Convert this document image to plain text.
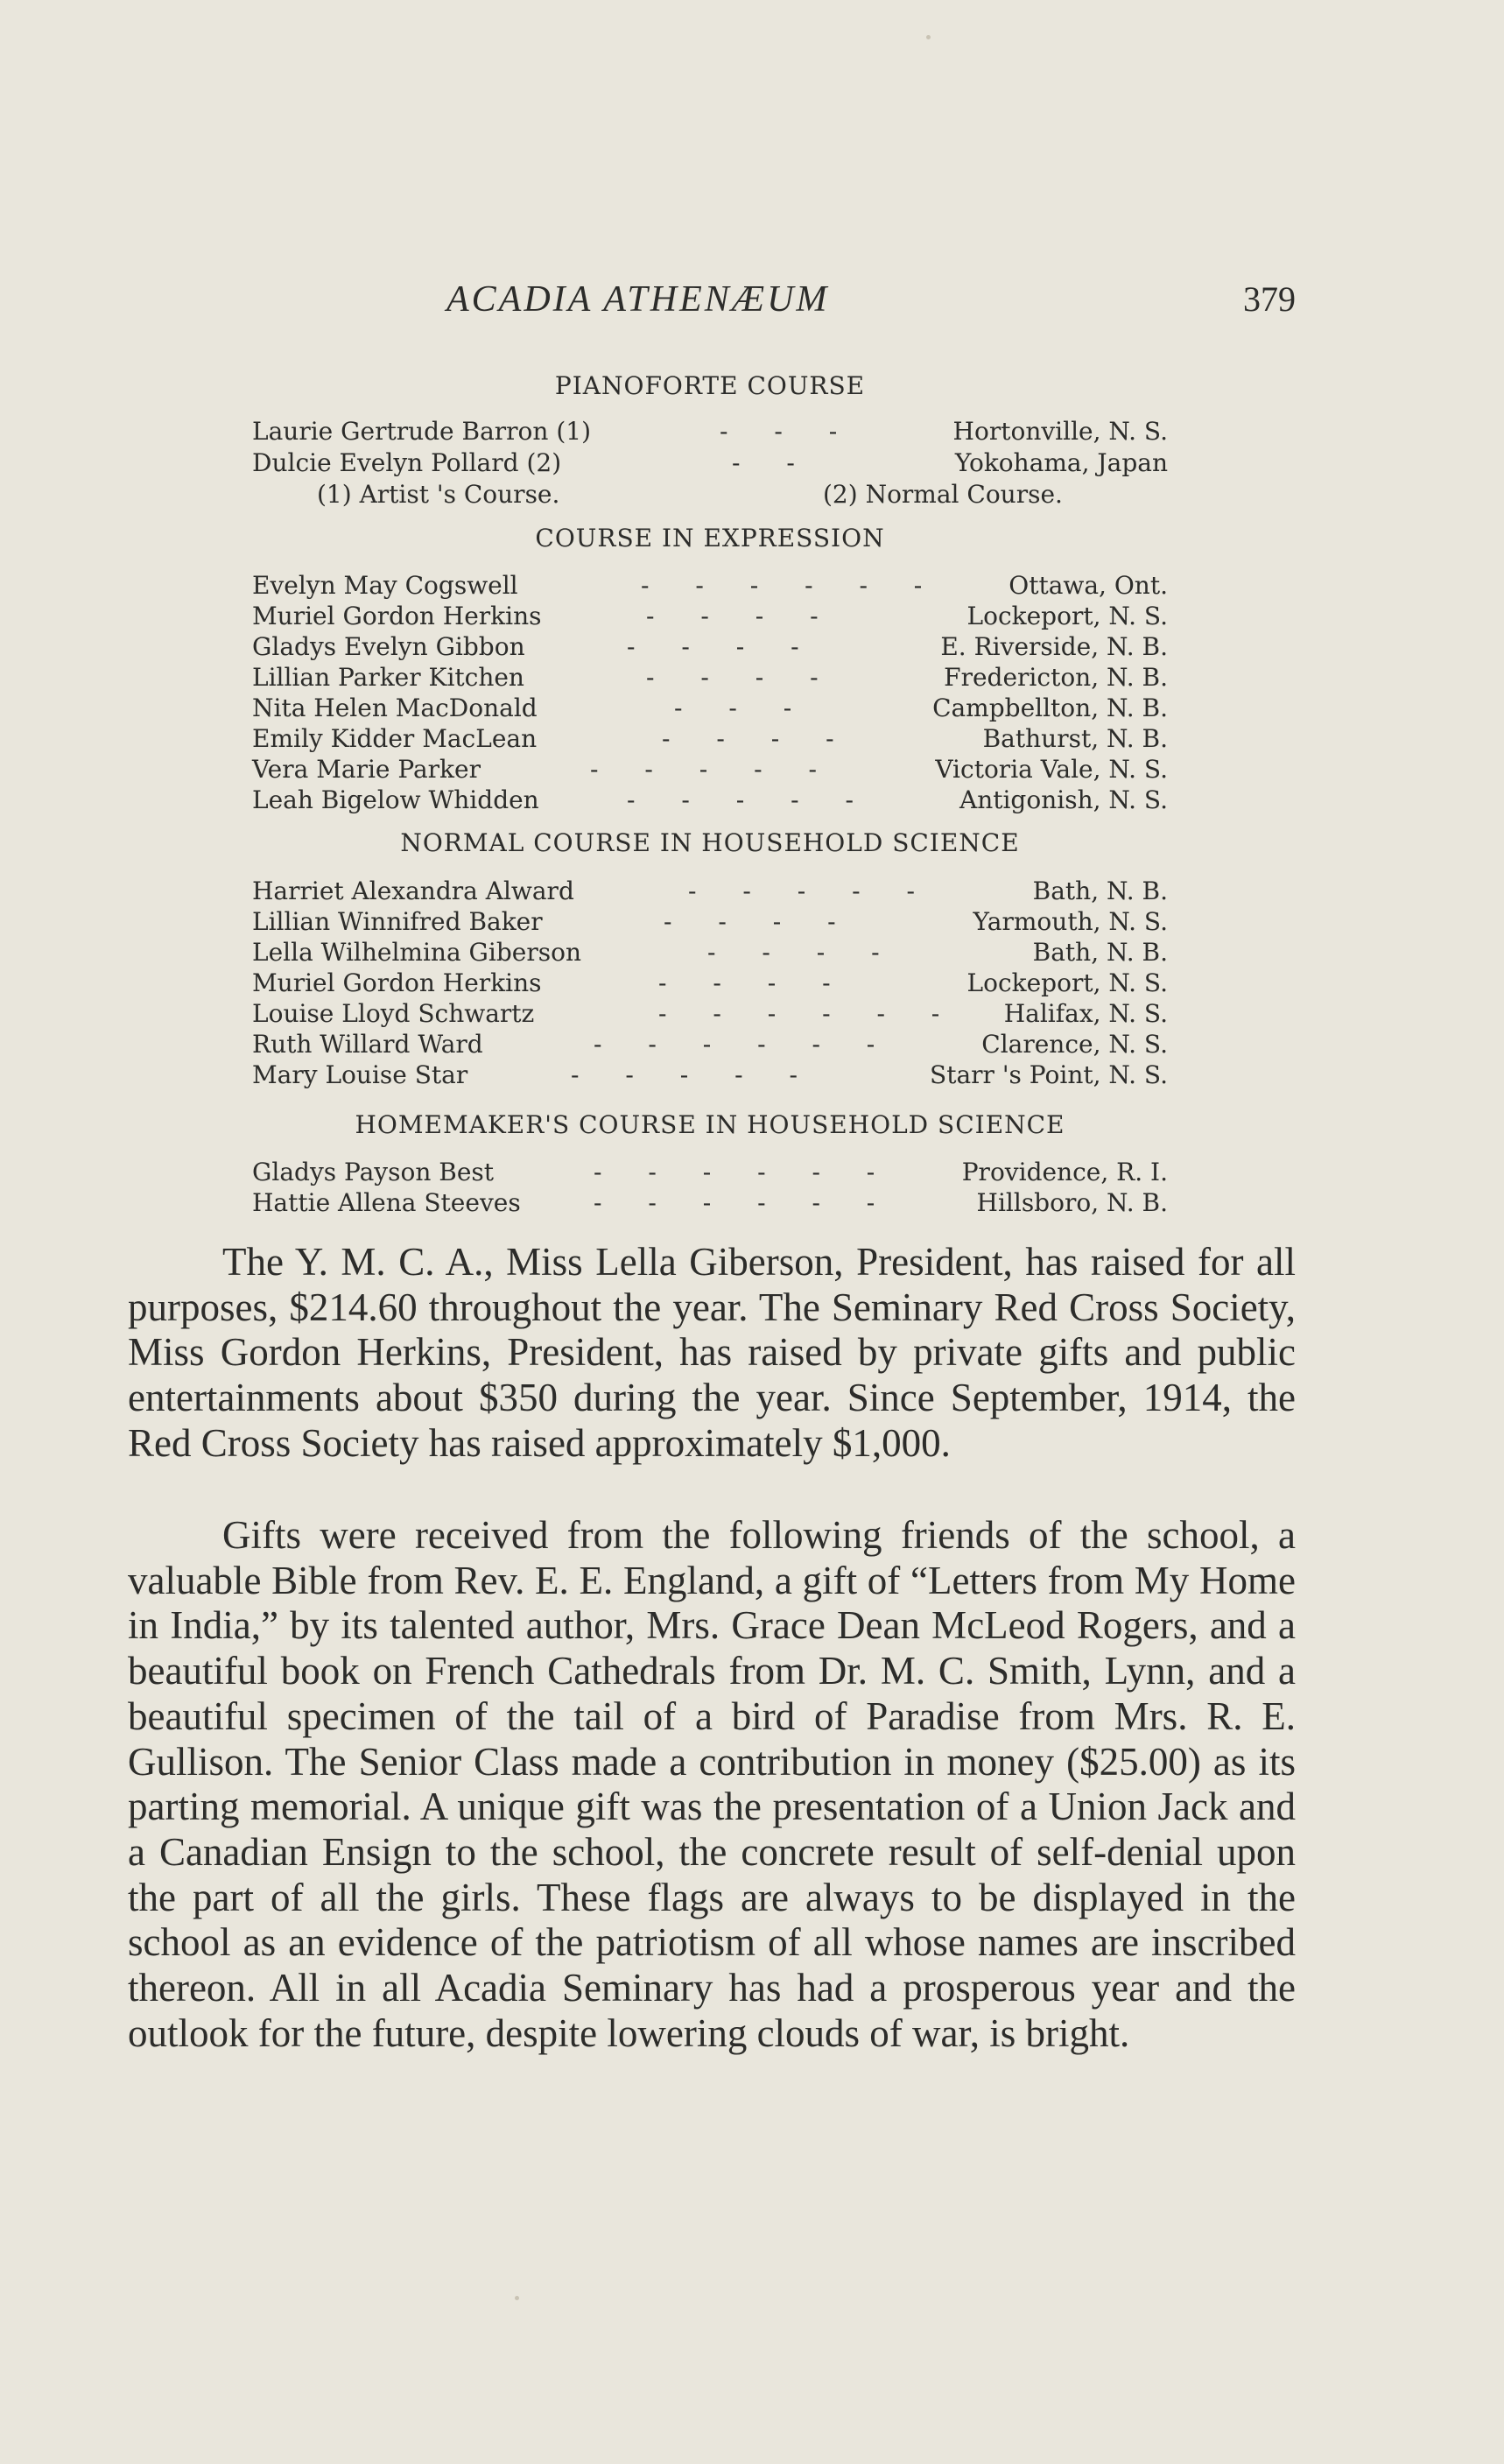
ACADIA ATHENÆUM	379
PIANOFORTE COURSE
Laurie Gertrude Barron (1)	- - -	Hortonville, N. S.
Dulcie Evelyn Pollard (2)	- -	Yokohama, Japan
(1) Artist 's Course.	(2) Normal Course.
COURSE IN EXPRESSION
Evelyn May Cogswell	- - - - - -	Ottawa, Ont.
Muriel Gordon Herkins	- - - -	Lockeport, N. S.
Gladys Evelyn Gibbon	- - - -	E. Riverside, N. B.
Lillian Parker Kitchen	- - - -	Fredericton, N. B.
Nita Helen MacDonald	- - -	Campbellton, N. B.
Emily Kidder MacLean	- - - -	Bathurst, N. B.
Vera Marie Parker	- - - - -	Victoria Vale, N. S.
Leah Bigelow Whidden	- - - - -	Antigonish, N. S.
NORMAL COURSE IN HOUSEHOLD SCIENCE
Harriet Alexandra Alward	- - - - -	Bath, N. B.
Lillian Winnifred Baker	- - - -	Yarmouth, N. S.
Lella Wilhelmina Giberson	- - - -	Bath, N. B.
Muriel Gordon Herkins	- - - -	Lockeport, N. S.
Louise Lloyd Schwartz	- - - - - - Halifax, N. S.
Ruth Willard Ward	- - - - - -	Clarence, N. S.
Mary Louise Star	- - - - -	Starr 's Point, N. S.
HOMEMAKER'S COURSE IN HOUSEHOLD SCIENCE
Gladys Payson Best	- - - - - -	Providence, R. I.
Hattie Allena Steeves	- - - - - -	Hillsboro, N. B.

The Y. M. C. A., Miss Lella Giberson, President, has raised for all purposes, $214.60 throughout the year. The Seminary Red Cross Society, Miss Gordon Herkins, President, has raised by private gifts and public entertainments about $350 during the year. Since September, 1914, the Red Cross Society has raised approximately $1,000.

Gifts were received from the following friends of the school, a valuable Bible from Rev. E. E. England, a gift of “Letters from My Home in India,” by its talented author, Mrs. Grace Dean McLeod Rogers, and a beautiful book on French Cathedrals from Dr. M. C. Smith, Lynn, and a beautiful specimen of the tail of a bird of Paradise from Mrs. R. E. Gullison. The Senior Class made a contribution in money ($25.00) as its parting memorial. A unique gift was the presentation of a Union Jack and a Canadian Ensign to the school, the concrete result of self-denial upon the part of all the girls. These flags are always to be displayed in the school as an evidence of the patriotism of all whose names are inscribed thereon. All in all Acadia Seminary has had a prosperous year and the outlook for the future, despite lowering clouds of war, is bright.
